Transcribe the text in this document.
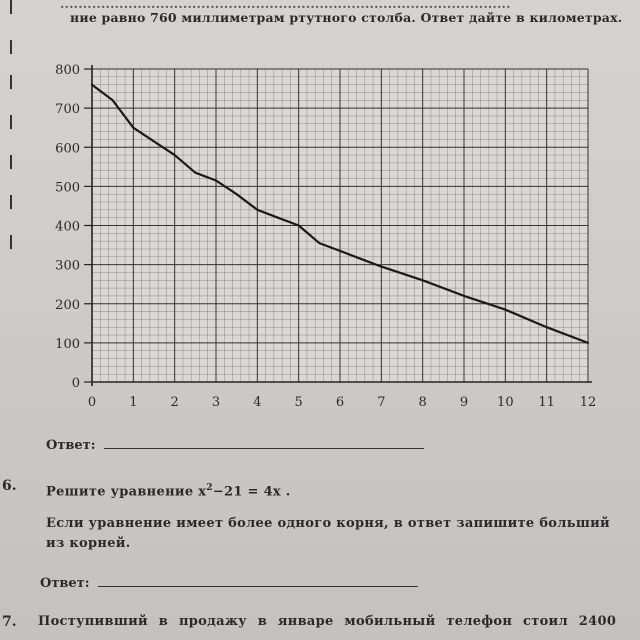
...................................................................................................
ние равно 760 миллиметрам ртутного столба. Ответ дайте в километрах.
0	1	2	3	4	5	6	7	8	9 10 11 12
0
100
200
300
400
500
600
700
800
Ответ:
6. Решите уравнение $x^2-21 = 4x$ .
Если уравнение имеет более одного корня, в ответ запишите больший
из корней.
Ответ:
7. Поступивший в продажу в январе мобильный телефон стоил 2400
